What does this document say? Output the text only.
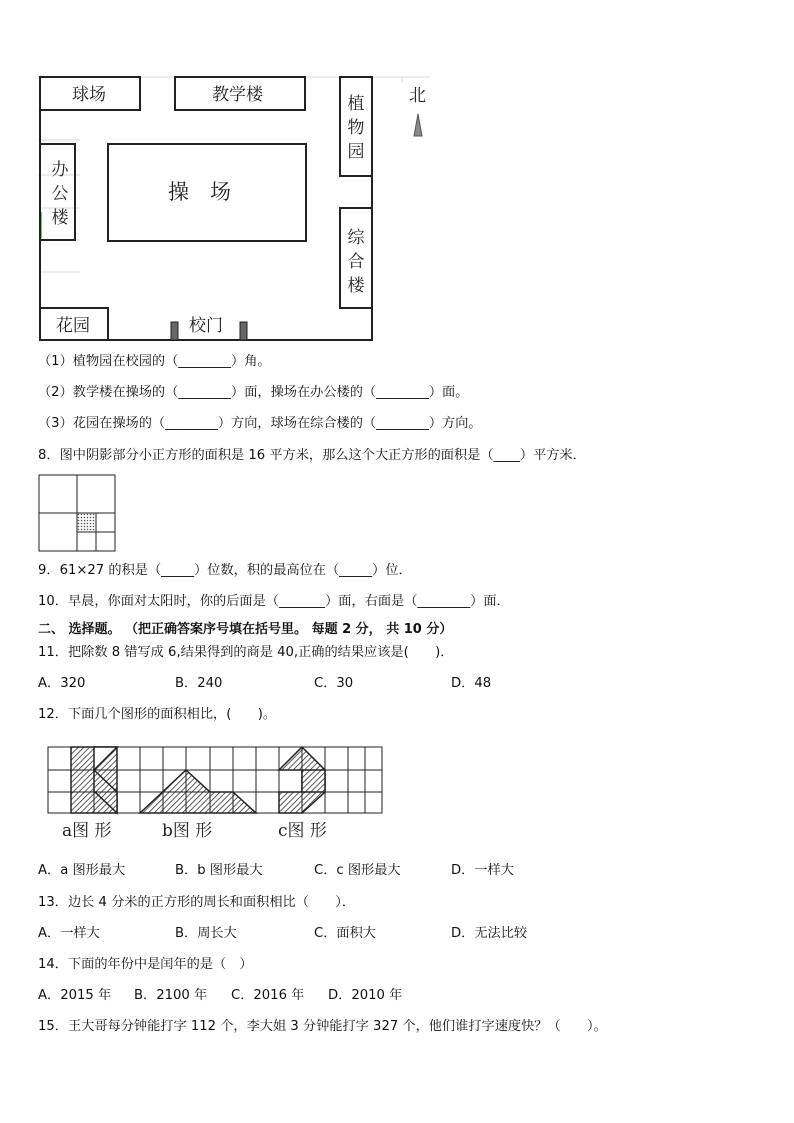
球场	教学楼	植物园
北
办公楼
操　场
综合楼
花园	校门
（1）植物园在校园的（________）角。
（2）教学楼在操场的（________）面，操场在办公楼的（________）面。
（3）花园在操场的（________）方向，球场在综合楼的（________）方向。
8．图中阴影部分小正方形的面积是 16 平方米，那么这个大正方形的面积是（____）平方米．
9．61×27 的积是（_____）位数，积的最高位在（_____）位．
10．早晨，你面对太阳时，你的后面是（_______）面，右面是（________）面．
二、 选择题。 （把正确答案序号填在括号里。 每题 2 分， 共 10 分）
11．把除数 8 错写成 6,结果得到的商是 40,正确的结果应该是(　　)．
A．320	B．240	C．30	D．48
12．下面几个图形的面积相比，(　　)。
a图 形	b图 形	c图 形
A．a 图形最大	B．b 图形最大	C．c 图形最大	D．一样大
13．边长 4 分米的正方形的周长和面积相比（　　）．
A．一样大	B．周长大	C．面积大	D．无法比较
14．下面的年份中是闰年的是（　）
A．2015 年 B．2100 年 C．2016 年 D．2010 年
15．王大哥每分钟能打字 112 个，李大姐 3 分钟能打字 327 个，他们谁打字速度快？（　　）。
